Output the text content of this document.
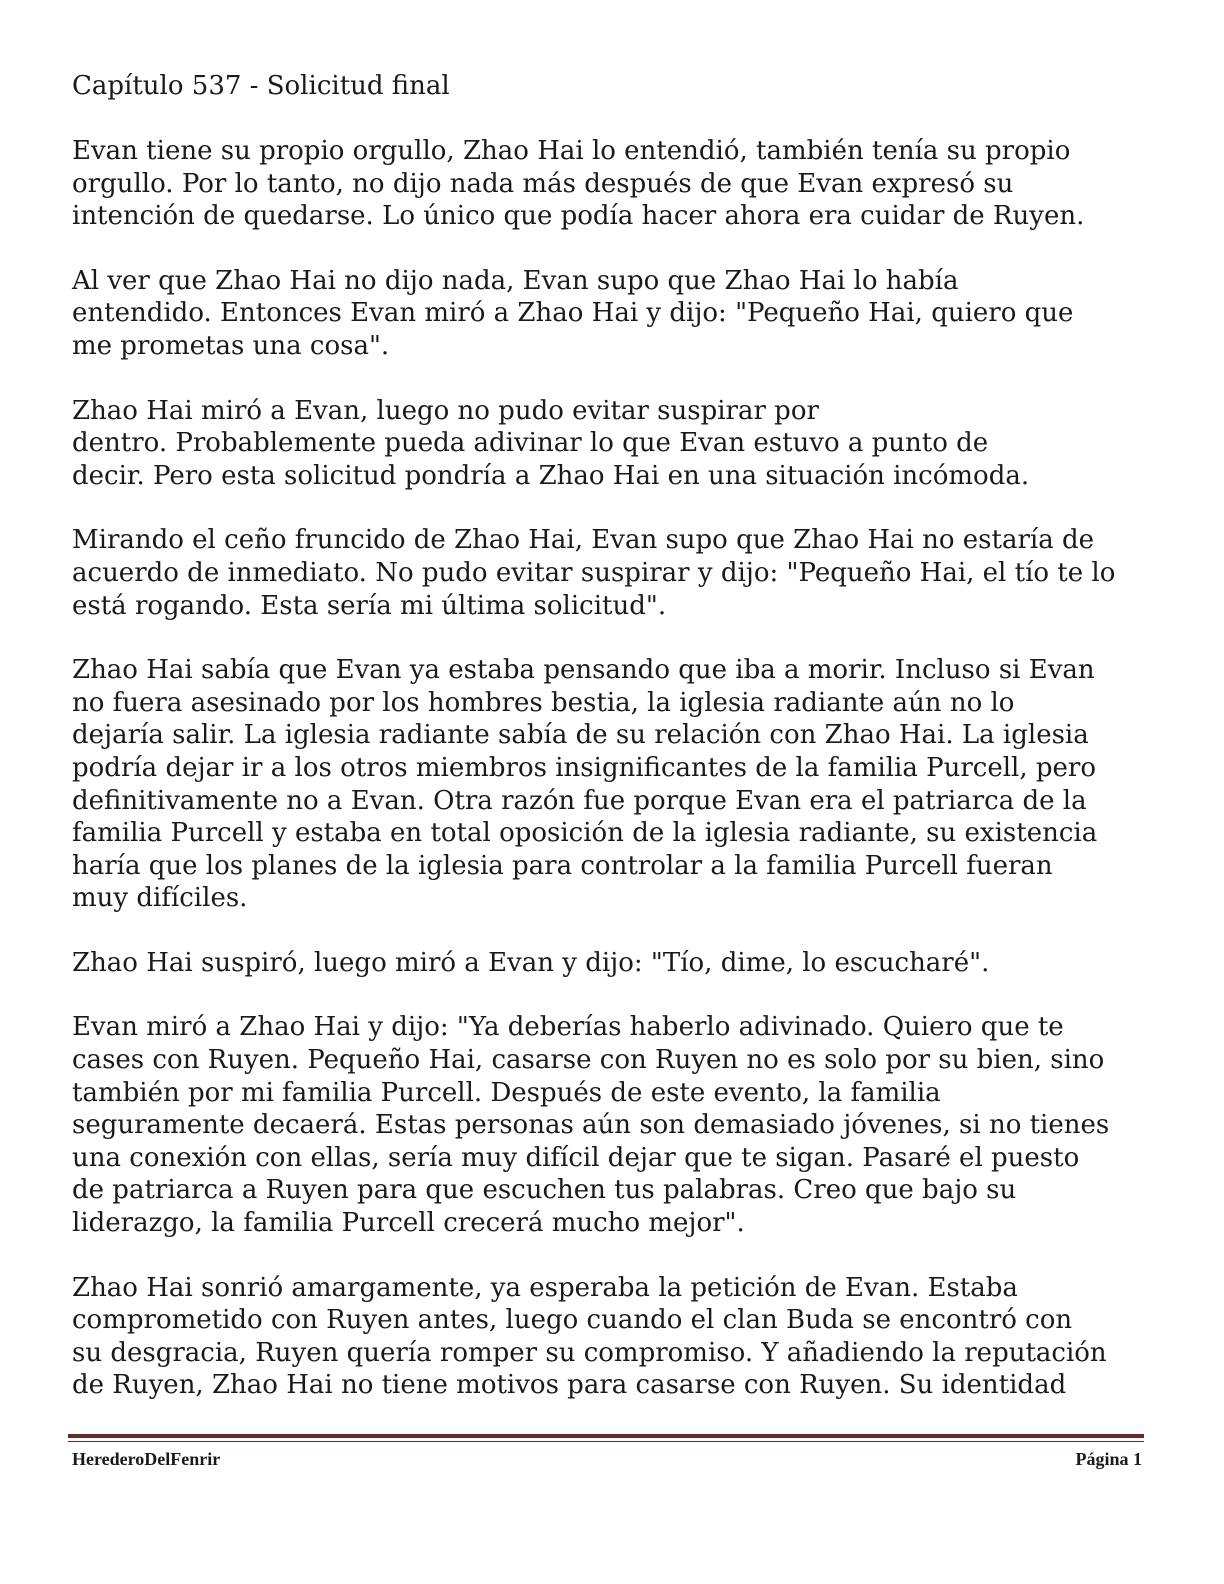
Capítulo 537 - Solicitud final

Evan tiene su propio orgullo, Zhao Hai lo entendió, también tenía su propio
orgullo. Por lo tanto, no dijo nada más después de que Evan expresó su
intención de quedarse. Lo único que podía hacer ahora era cuidar de Ruyen.

Al ver que Zhao Hai no dijo nada, Evan supo que Zhao Hai lo había
entendido. Entonces Evan miró a Zhao Hai y dijo: "Pequeño Hai, quiero que
me prometas una cosa".

Zhao Hai miró a Evan, luego no pudo evitar suspirar por
dentro. Probablemente pueda adivinar lo que Evan estuvo a punto de
decir. Pero esta solicitud pondría a Zhao Hai en una situación incómoda.

Mirando el ceño fruncido de Zhao Hai, Evan supo que Zhao Hai no estaría de
acuerdo de inmediato. No pudo evitar suspirar y dijo: "Pequeño Hai, el tío te lo
está rogando. Esta sería mi última solicitud".

Zhao Hai sabía que Evan ya estaba pensando que iba a morir. Incluso si Evan
no fuera asesinado por los hombres bestia, la iglesia radiante aún no lo
dejaría salir. La iglesia radiante sabía de su relación con Zhao Hai. La iglesia
podría dejar ir a los otros miembros insignificantes de la familia Purcell, pero
definitivamente no a Evan. Otra razón fue porque Evan era el patriarca de la
familia Purcell y estaba en total oposición de la iglesia radiante, su existencia
haría que los planes de la iglesia para controlar a la familia Purcell fueran
muy difíciles.

Zhao Hai suspiró, luego miró a Evan y dijo: "Tío, dime, lo escucharé".

Evan miró a Zhao Hai y dijo: "Ya deberías haberlo adivinado. Quiero que te
cases con Ruyen. Pequeño Hai, casarse con Ruyen no es solo por su bien, sino
también por mi familia Purcell. Después de este evento, la familia
seguramente decaerá. Estas personas aún son demasiado jóvenes, si no tienes
una conexión con ellas, sería muy difícil dejar que te sigan. Pasaré el puesto
de patriarca a Ruyen para que escuchen tus palabras. Creo que bajo su
liderazgo, la familia Purcell crecerá mucho mejor".

Zhao Hai sonrió amargamente, ya esperaba la petición de Evan. Estaba
comprometido con Ruyen antes, luego cuando el clan Buda se encontró con
su desgracia, Ruyen quería romper su compromiso. Y añadiendo la reputación
de Ruyen, Zhao Hai no tiene motivos para casarse con Ruyen. Su identidad

HerederoDelFenrir	Página 1
